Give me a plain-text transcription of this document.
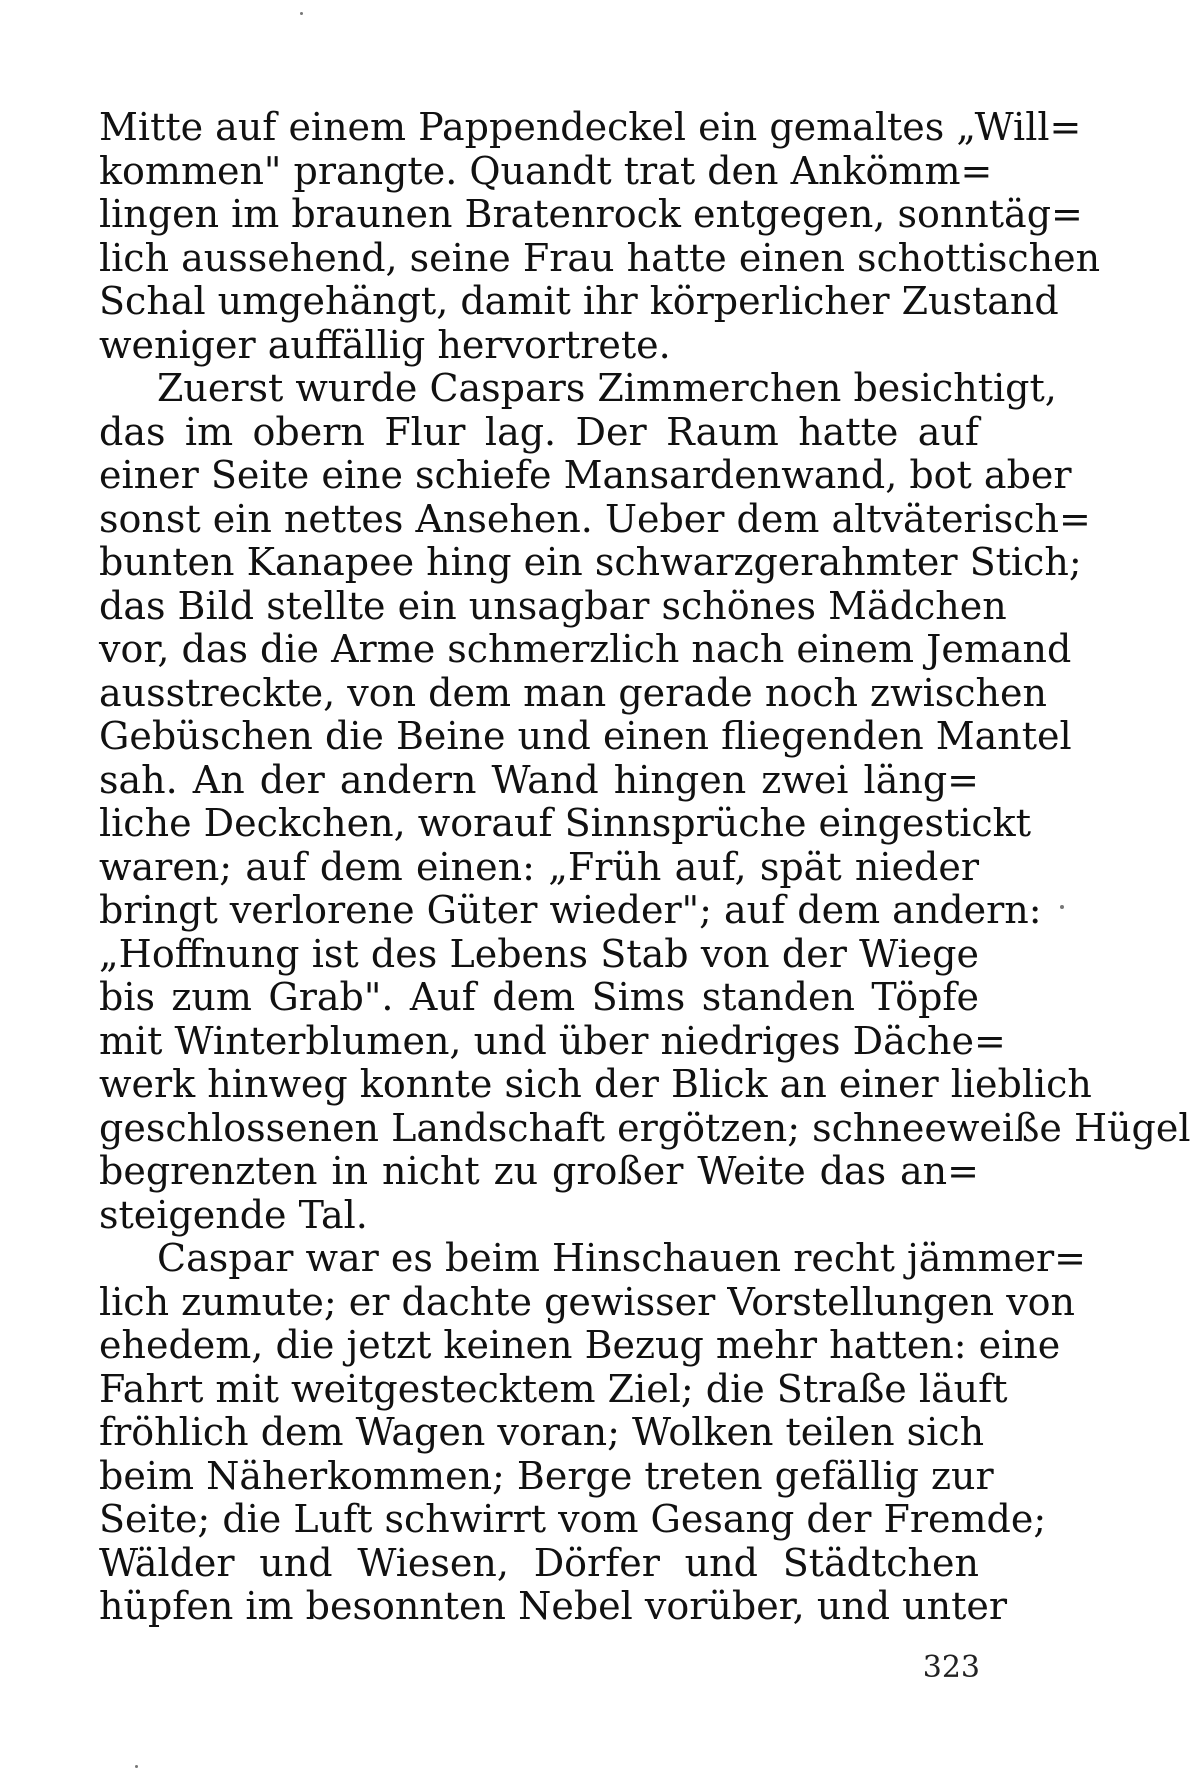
Mitte auf einem Pappendeckel ein gemaltes „Will=
kommen" prangte. Quandt trat den Ankömm=
lingen im braunen Bratenrock entgegen, sonntäg=
lich aussehend, seine Frau hatte einen schottischen
Schal umgehängt, damit ihr körperlicher Zustand
weniger auffällig hervortrete.
Zuerst wurde Caspars Zimmerchen besichtigt,
das im obern Flur lag. Der Raum hatte auf
einer Seite eine schiefe Mansardenwand, bot aber
sonst ein nettes Ansehen. Ueber dem altväterisch=
bunten Kanapee hing ein schwarzgerahmter Stich;
das Bild stellte ein unsagbar schönes Mädchen
vor, das die Arme schmerzlich nach einem Jemand
ausstreckte, von dem man gerade noch zwischen
Gebüschen die Beine und einen fliegenden Mantel
sah. An der andern Wand hingen zwei läng=
liche Deckchen, worauf Sinnsprüche eingestickt
waren; auf dem einen: „Früh auf, spät nieder
bringt verlorene Güter wieder"; auf dem andern:
„Hoffnung ist des Lebens Stab von der Wiege
bis zum Grab". Auf dem Sims standen Töpfe
mit Winterblumen, und über niedriges Däche=
werk hinweg konnte sich der Blick an einer lieblich
geschlossenen Landschaft ergötzen; schneeweiße Hügel
begrenzten in nicht zu großer Weite das an=
steigende Tal.
Caspar war es beim Hinschauen recht jämmer=
lich zumute; er dachte gewisser Vorstellungen von
ehedem, die jetzt keinen Bezug mehr hatten: eine
Fahrt mit weitgestecktem Ziel; die Straße läuft
fröhlich dem Wagen voran; Wolken teilen sich
beim Näherkommen; Berge treten gefällig zur
Seite; die Luft schwirrt vom Gesang der Fremde;
Wälder und Wiesen, Dörfer und Städtchen
hüpfen im besonnten Nebel vorüber, und unter
323
